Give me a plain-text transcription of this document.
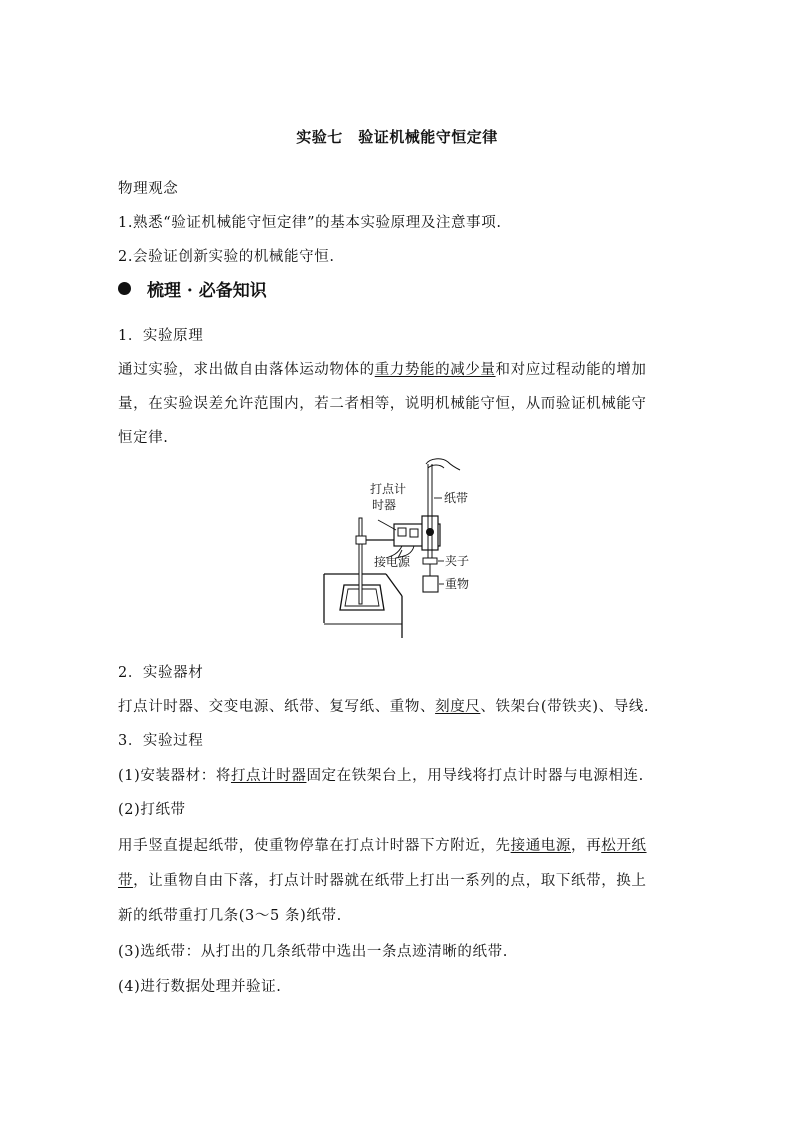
实验七　验证机械能守恒定律
物理观念
1.熟悉“验证机械能守恒定律”的基本实验原理及注意事项.
2.会验证创新实验的机械能守恒.
梳理 · 必备知识
1．实验原理
通过实验，求出做自由落体运动物体的重力势能的减少量和对应过程动能的增加
量，在实验误差允许范围内，若二者相等，说明机械能守恒，从而验证机械能守
恒定律.
打点计
时器	纸带
接电源	夹子
重物
2．实验器材
打点计时器、交变电源、纸带、复写纸、重物、刻度尺、铁架台(带铁夹)、导线.
3．实验过程
(1)安装器材：将打点计时器固定在铁架台上，用导线将打点计时器与电源相连.
(2)打纸带
用手竖直提起纸带，使重物停靠在打点计时器下方附近，先接通电源，再松开纸
带，让重物自由下落，打点计时器就在纸带上打出一系列的点，取下纸带，换上
新的纸带重打几条(3～5 条)纸带.
(3)选纸带：从打出的几条纸带中选出一条点迹清晰的纸带.
(4)进行数据处理并验证.
